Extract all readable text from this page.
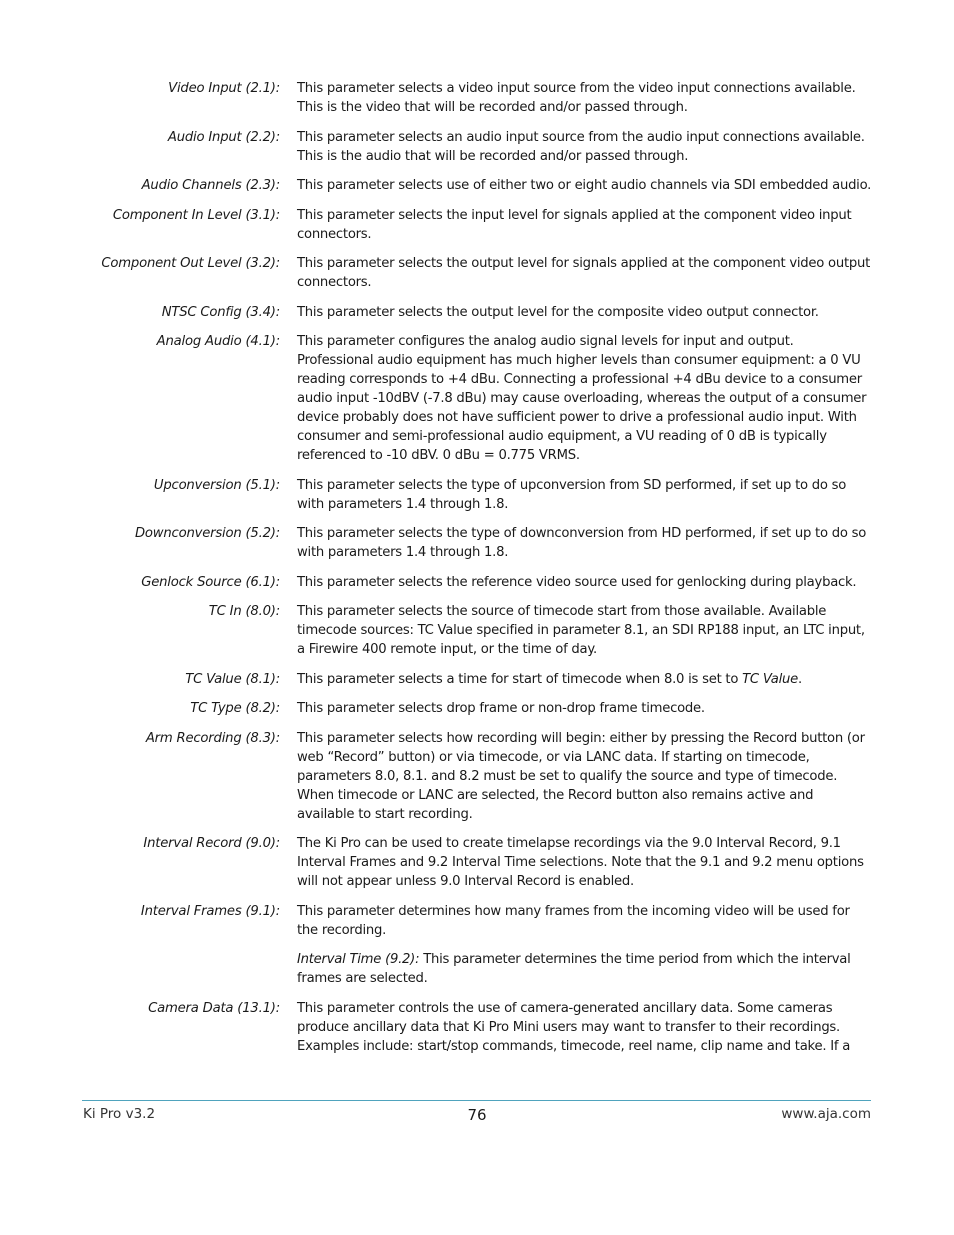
Video Input (2.1): This parameter selects a video input source from the video input connections available. This is the video that will be recorded and/or passed through.
Audio Input (2.2): This parameter selects an audio input source from the audio input connections available. This is the audio that will be recorded and/or passed through.
Audio Channels (2.3): This parameter selects use of either two or eight audio channels via SDI embedded audio.
Component In Level (3.1): This parameter selects the input level for signals applied at the component video input connectors.
Component Out Level (3.2): This parameter selects the output level for signals applied at the component video output connectors.
NTSC Config (3.4): This parameter selects the output level for the composite video output connector.
Analog Audio (4.1): This parameter configures the analog audio signal levels for input and output. Professional audio equipment has much higher levels than consumer equipment: a 0 VU reading corresponds to +4 dBu. Connecting a professional +4 dBu device to a consumer audio input -10dBV (-7.8 dBu) may cause overloading, whereas the output of a consumer device probably does not have sufficient power to drive a professional audio input. With consumer and semi-professional audio equipment, a VU reading of 0 dB is typically referenced to -10 dBV. 0 dBu = 0.775 VRMS.
Upconversion (5.1): This parameter selects the type of upconversion from SD performed, if set up to do so with parameters 1.4 through 1.8.
Downconversion (5.2): This parameter selects the type of downconversion from HD performed, if set up to do so with parameters 1.4 through 1.8.
Genlock Source (6.1): This parameter selects the reference video source used for genlocking during playback.
TC In (8.0): This parameter selects the source of timecode start from those available. Available timecode sources: TC Value specified in parameter 8.1, an SDI RP188 input, an LTC input, a Firewire 400 remote input, or the time of day.
TC Value (8.1): This parameter selects a time for start of timecode when 8.0 is set to TC Value.
TC Type (8.2): This parameter selects drop frame or non-drop frame timecode.
Arm Recording (8.3): This parameter selects how recording will begin: either by pressing the Record button (or web “Record” button) or via timecode, or via LANC data. If starting on timecode, parameters 8.0, 8.1. and 8.2 must be set to qualify the source and type of timecode. When timecode or LANC are selected, the Record button also remains active and available to start recording.
Interval Record (9.0): The Ki Pro can be used to create timelapse recordings via the 9.0 Interval Record, 9.1 Interval Frames and 9.2 Interval Time selections. Note that the 9.1 and 9.2 menu options will not appear unless 9.0 Interval Record is enabled.
Interval Frames (9.1): This parameter determines how many frames from the incoming video will be used for the recording.
Interval Time (9.2): This parameter determines the time period from which the interval frames are selected.
Camera Data (13.1): This parameter controls the use of camera-generated ancillary data. Some cameras produce ancillary data that Ki Pro Mini users may want to transfer to their recordings. Examples include: start/stop commands, timecode, reel name, clip name and take. If a
Ki Pro v3.2	76	www.aja.com
